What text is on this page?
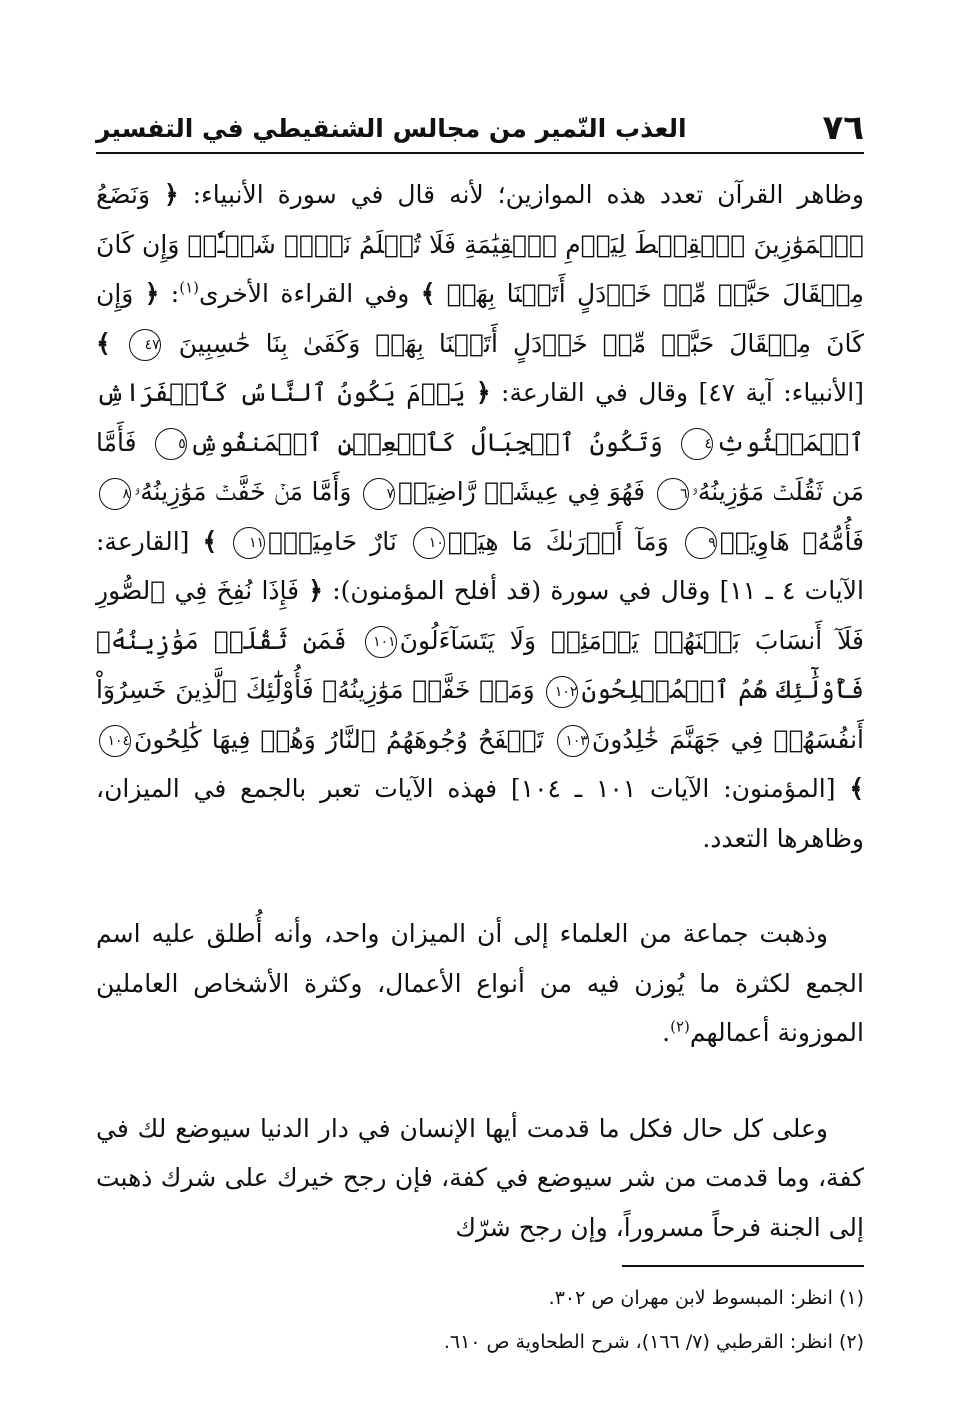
٧٦
العذب النّمير من مجالس الشنقيطي في التفسير

وظاهر القرآن تعدد هذه الموازين؛ لأنه قال في سورة الأنبياء: ﴿ وَنَضَعُ ٱلۡمَوَٰزِينَ ٱلۡقِسۡطَ لِيَوۡمِ ٱلۡقِيَٰمَةِ فَلَا تُظۡلَمُ نَفۡسٞ شَيۡـٔٗاۖ وَإِن كَانَ مِثۡقَالَ حَبَّةٖ مِّنۡ خَرۡدَلٍ أَتَيۡنَا بِهَاۗ ﴾ وفي القراءة الأخرى$^{(١)}$: ﴿ وَإِن كَانَ مِثۡقَالَ حَبَّةٖ مِّنۡ خَرۡدَلٍ أَتَيۡنَا بِهَاۗ وَكَفَىٰ بِنَا حَٰسِبِينَ ٤٧ ﴾ [الأنبياء: آية ٤٧] وقال في القارعة: ﴿ يَوۡمَ يَكُونُ ٱلنَّاسُ كَٱلۡفَرَاشِ ٱلۡمَبۡثُوثِ٤ وَتَكُونُ ٱلۡجِبَالُ كَٱلۡعِهۡنِ ٱلۡمَنفُوشِ٥ فَأَمَّا مَن ثَقُلَتۡ مَوَٰزِينُهُۥ٦ فَهُوَ فِي عِيشَةٖ رَّاضِيَةٖ٧ وَأَمَّا مَنۡ خَفَّتۡ مَوَٰزِينُهُۥ٨ فَأُمُّهُۥ هَاوِيَةٞ٩ وَمَآ أَدۡرَىٰكَ مَا هِيَهۡ١٠ نَارٌ حَامِيَةُۢ١١ ﴾ [القارعة: الآيات ٤ ـ ١١] وقال في سورة (قد أفلح المؤمنون): ﴿ فَإِذَا نُفِخَ فِي ٱلصُّورِ فَلَآ أَنسَابَ بَيۡنَهُمۡ يَوۡمَئِذٖ وَلَا يَتَسَآءَلُونَ١٠١ فَمَن ثَقُلَتۡ مَوَٰزِينُهُۥ فَأُوْلَٰٓئِكَ هُمُ ٱلۡمُفۡلِحُونَ١٠٢ وَمَنۡ خَفَّتۡ مَوَٰزِينُهُۥ فَأُوْلَٰٓئِكَ ٱلَّذِينَ خَسِرُوٓاْ أَنفُسَهُمۡ فِي جَهَنَّمَ خَٰلِدُونَ١٠٣ تَلۡفَحُ وُجُوهَهُمُ ٱلنَّارُ وَهُمۡ فِيهَا كَٰلِحُونَ١٠٤ ﴾ [المؤمنون: الآيات ١٠١ ـ ١٠٤] فهذه الآيات تعبر بالجمع في الميزان، وظاهرها التعدد.

وذهبت جماعة من العلماء إلى أن الميزان واحد، وأنه أُطلق عليه اسم الجمع لكثرة ما يُوزن فيه من أنواع الأعمال، وكثرة الأشخاص العاملين الموزونة أعمالهم$^{(٢)}$.

وعلى كل حال فكل ما قدمت أيها الإنسان في دار الدنيا سيوضع لك في كفة، وما قدمت من شر سيوضع في كفة، فإن رجح خيرك على شرك ذهبت إلى الجنة فرحاً مسروراً، وإن رجح شرّك

(١) انظر: المبسوط لابن مهران ص ٣٠٢.

(٢) انظر: القرطبي (٧/ ١٦٦)، شرح الطحاوية ص ٦١٠.
